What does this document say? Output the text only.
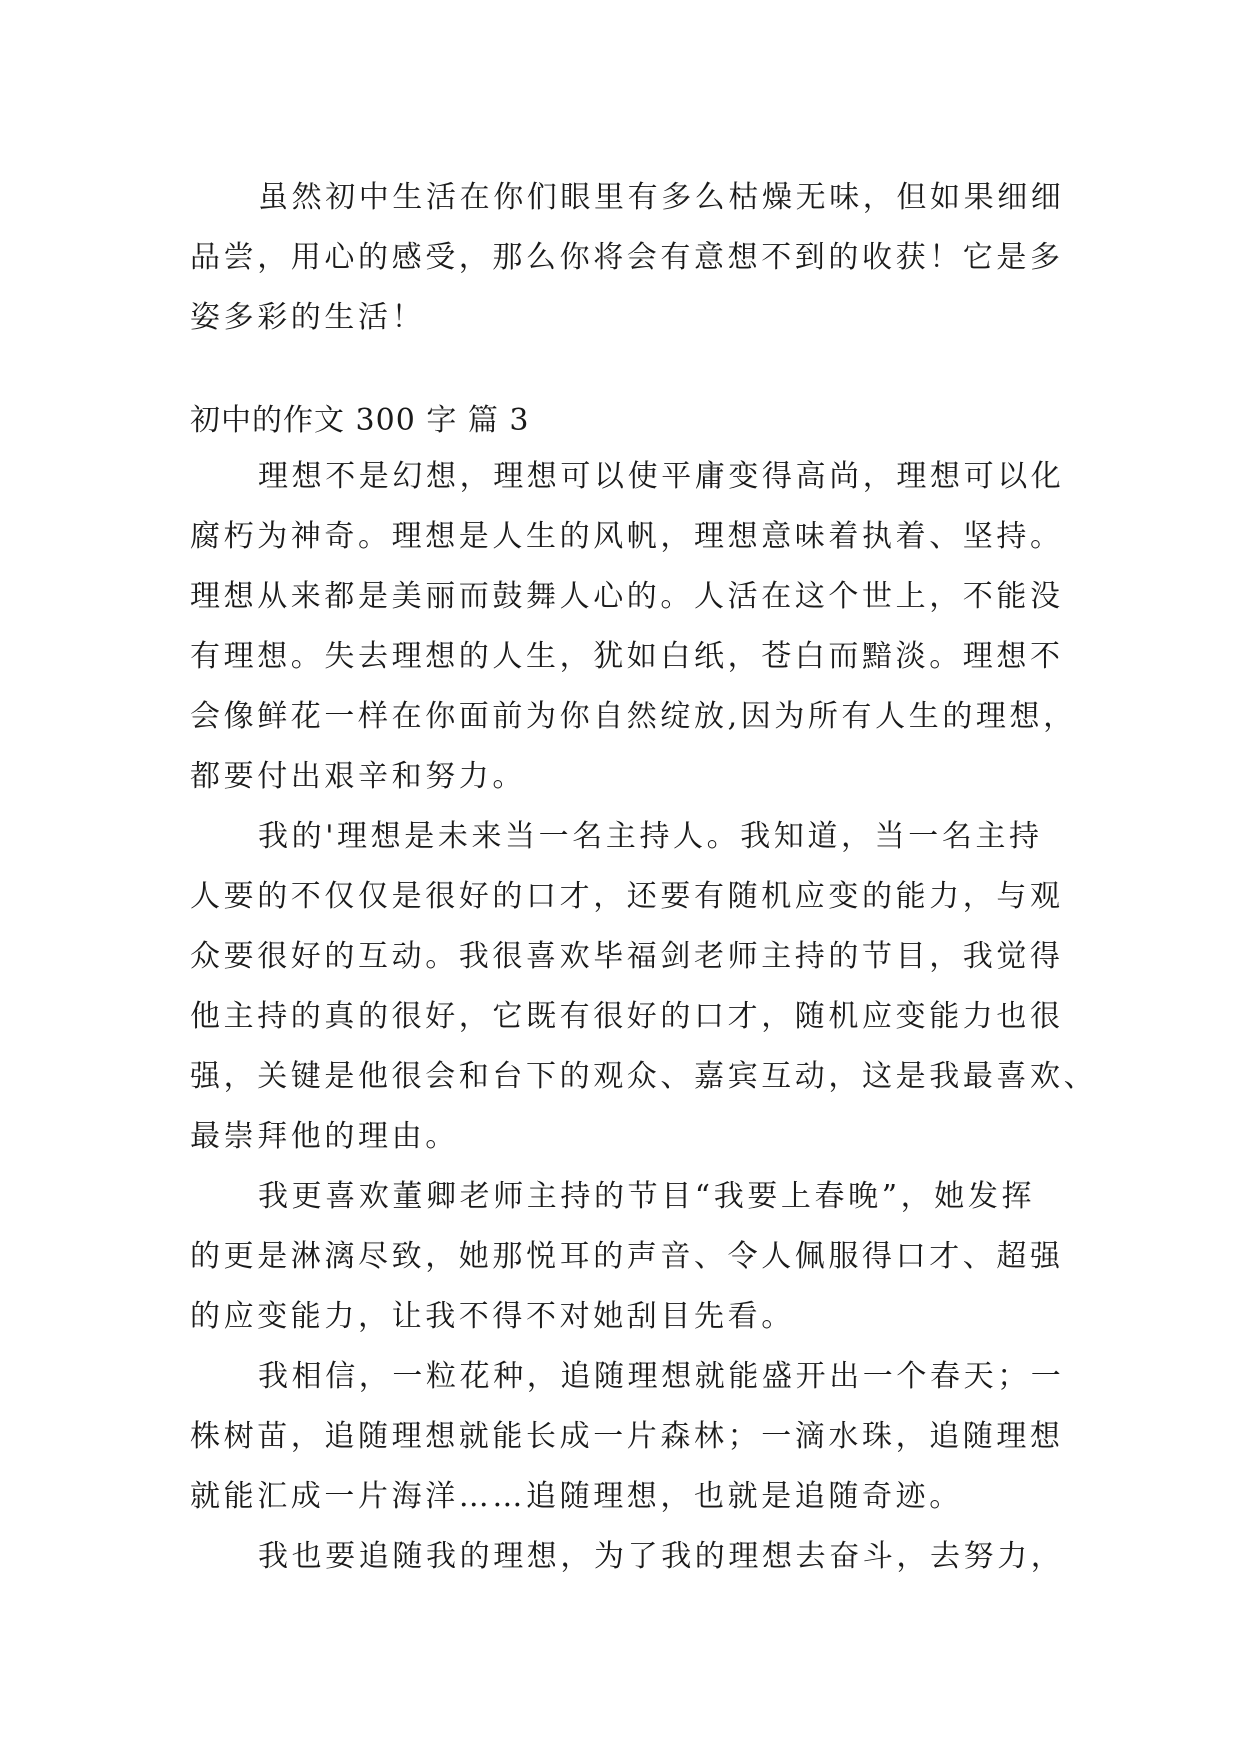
虽然初中生活在你们眼里有多么枯燥无味，但如果细细
品尝，用心的感受，那么你将会有意想不到的收获！它是多
姿多彩的生活！
初中的作文 300 字 篇 3
理想不是幻想，理想可以使平庸变得高尚，理想可以化
腐朽为神奇。理想是人生的风帆，理想意味着执着、坚持。
理想从来都是美丽而鼓舞人心的。人活在这个世上，不能没
有理想。失去理想的人生，犹如白纸，苍白而黯淡。理想不
会像鲜花一样在你面前为你自然绽放,因为所有人生的理想，
都要付出艰辛和努力。
我的'理想是未来当一名主持人。我知道，当一名主持
人要的不仅仅是很好的口才，还要有随机应变的能力，与观
众要很好的互动。我很喜欢毕福剑老师主持的节目，我觉得
他主持的真的很好，它既有很好的口才，随机应变能力也很
强，关键是他很会和台下的观众、嘉宾互动，这是我最喜欢、
最崇拜他的理由。
我更喜欢董卿老师主持的节目“我要上春晚”，她发挥
的更是淋漓尽致，她那悦耳的声音、令人佩服得口才、超强
的应变能力，让我不得不对她刮目先看。
我相信，一粒花种，追随理想就能盛开出一个春天；一
株树苗，追随理想就能长成一片森林；一滴水珠，追随理想
就能汇成一片海洋……追随理想，也就是追随奇迹。
我也要追随我的理想，为了我的理想去奋斗，去努力，
